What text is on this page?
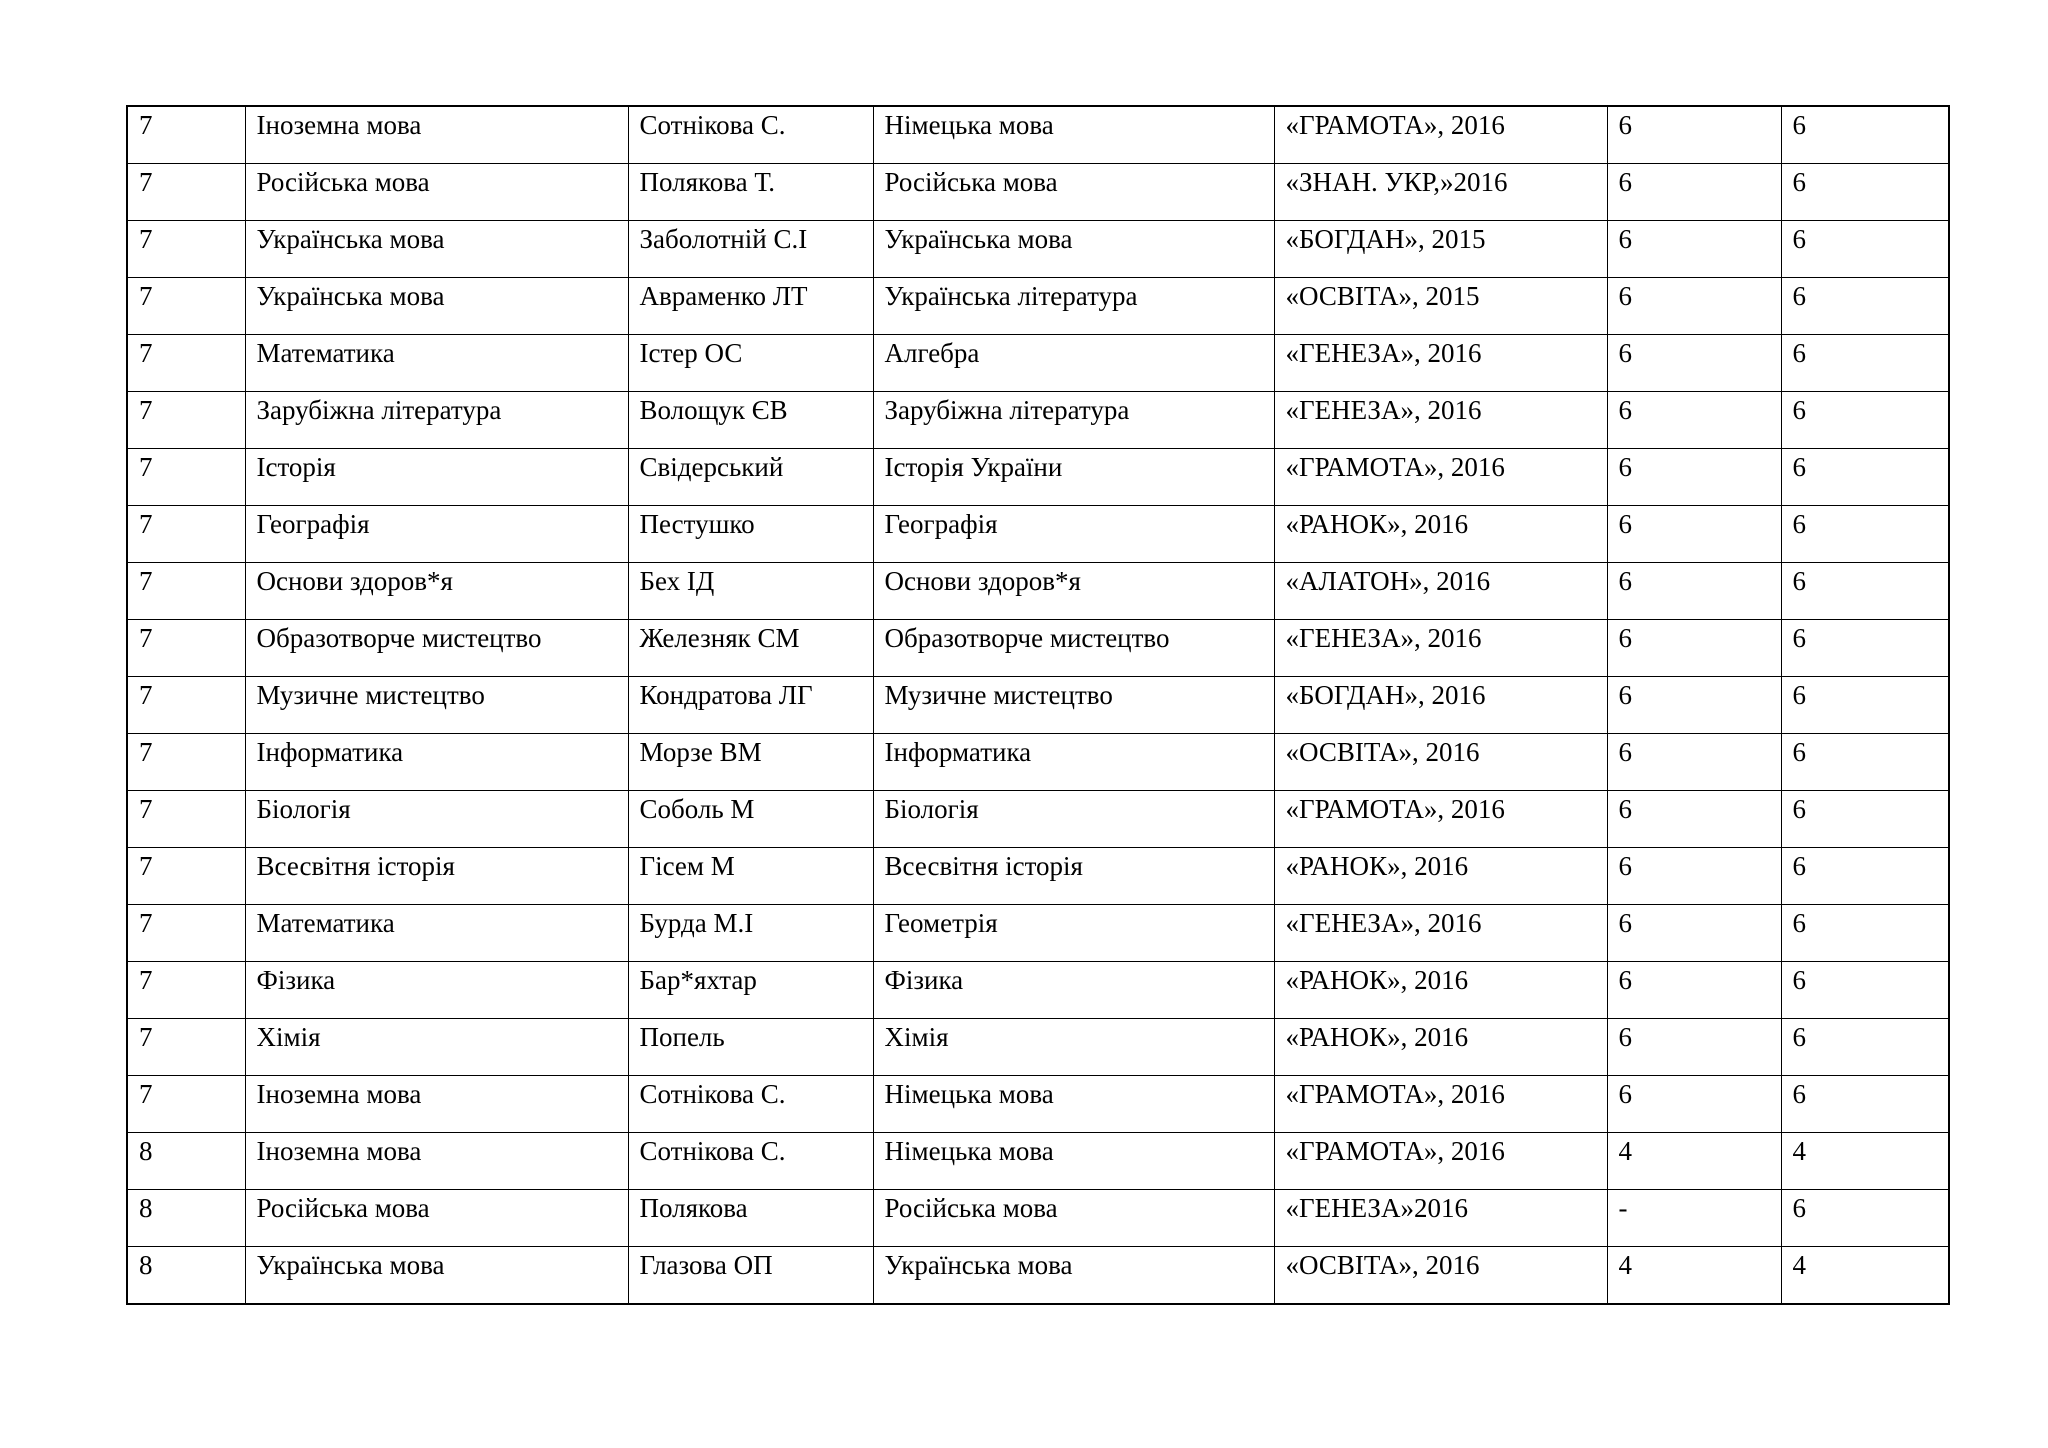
7	Іноземна мова	Сотнікова С.	Німецька мова	«ГРАМОТА», 2016	6	6

7	Російська мова	Полякова Т.	Російська мова	«ЗНАН. УКР,»2016	6	6

7	Українська мова	Заболотній С.І	Українська мова	«БОГДАН», 2015	6	6

7	Українська мова	Авраменко ЛТ	Українська література	«ОСВІТА», 2015	6	6

7	Математика	Істер ОС	Алгебра	«ГЕНЕЗА», 2016	6	6

7	Зарубіжна література	Волощук ЄВ	Зарубіжна література	«ГЕНЕЗА», 2016	6	6

7	Історія	Свідерський	Історія України	«ГРАМОТА», 2016	6	6

7	Географія	Пестушко	Географія	«РАНОК», 2016	6	6

7	Основи здоров*я	Бех ІД	Основи здоров*я	«АЛАТОН», 2016	6	6

7	Образотворче мистецтво	Железняк СМ	Образотворче мистецтво	«ГЕНЕЗА», 2016	6	6

7	Музичне мистецтво	Кондратова ЛГ	Музичне мистецтво	«БОГДАН», 2016	6	6

7	Інформатика	Морзе ВМ	Інформатика	«ОСВІТА», 2016	6	6

7	Біологія	Соболь М	Біологія	«ГРАМОТА», 2016	6	6

7	Всесвітня історія	Гісем М	Всесвітня історія	«РАНОК», 2016	6	6

7	Математика	Бурда М.І	Геометрія	«ГЕНЕЗА», 2016	6	6

7	Фізика	Бар*яхтар	Фізика	«РАНОК», 2016	6	6

7	Хімія	Попель	Хімія	«РАНОК», 2016	6	6

7	Іноземна мова	Сотнікова С.	Німецька мова	«ГРАМОТА», 2016	6	6

8	Іноземна мова	Сотнікова С.	Німецька мова	«ГРАМОТА», 2016	4	4

8	Російська мова	Полякова	Російська мова	«ГЕНЕЗА»2016	-	6

8	Українська мова	Глазова ОП	Українська мова	«ОСВІТА», 2016	4	4
